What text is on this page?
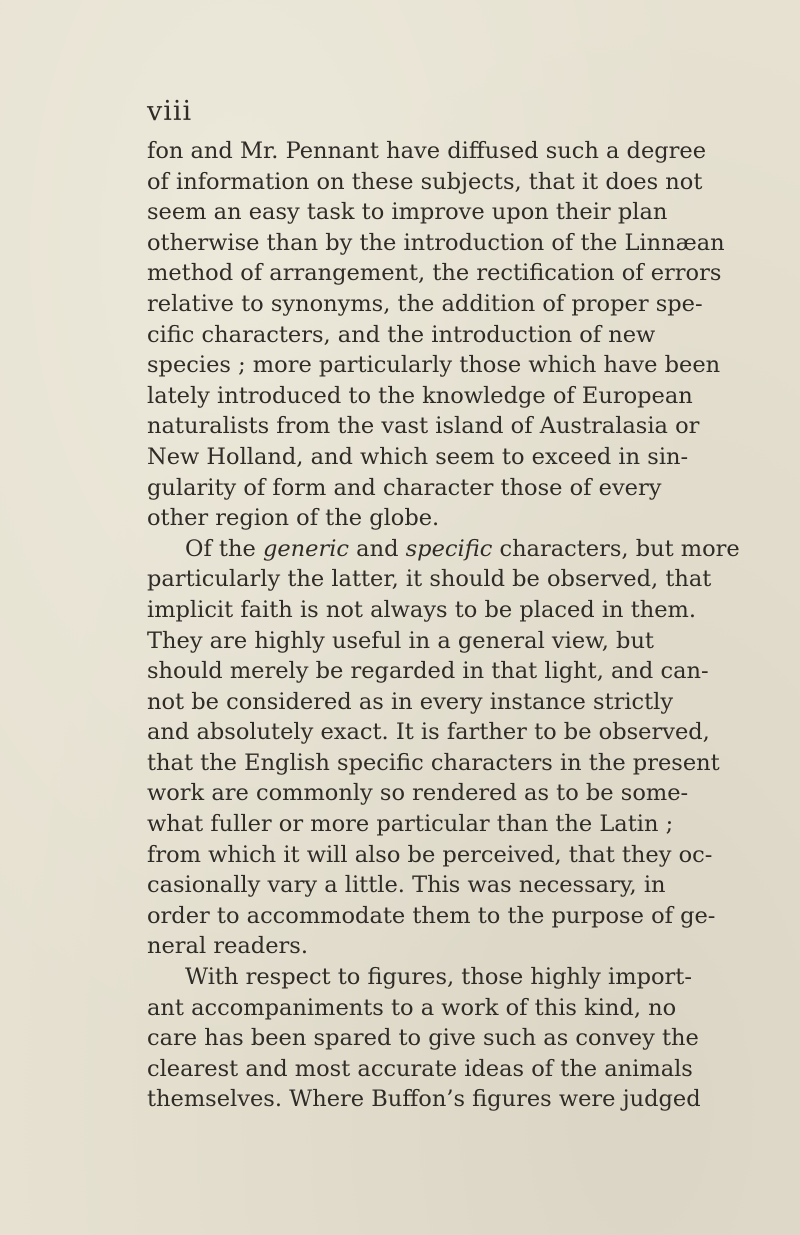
viii
fon and Mr. Pennant have diffused such a degree
of information on these subjects, that it does not
seem an easy task to improve upon their plan
otherwise than by the introduction of the Linnæan
method of arrangement, the rectification of errors
relative to synonyms, the addition of proper spe-
cific characters, and the introduction of new
species ; more particularly those which have been
lately introduced to the knowledge of European
naturalists from the vast island of Australasia or
New Holland, and which seem to exceed in sin-
gularity of form and character those of every
other region of the globe.
Of the generic and specific characters, but more
particularly the latter, it should be observed, that
implicit faith is not always to be placed in them.
They are highly useful in a general view, but
should merely be regarded in that light, and can-
not be considered as in every instance strictly
and absolutely exact. It is farther to be observed,
that the English specific characters in the present
work are commonly so rendered as to be some-
what fuller or more particular than the Latin ;
from which it will also be perceived, that they oc-
casionally vary a little. This was necessary, in
order to accommodate them to the purpose of ge-
neral readers.
With respect to figures, those highly import-
ant accompaniments to a work of this kind, no
care has been spared to give such as convey the
clearest and most accurate ideas of the animals
themselves. Where Buffon’s figures were judged
